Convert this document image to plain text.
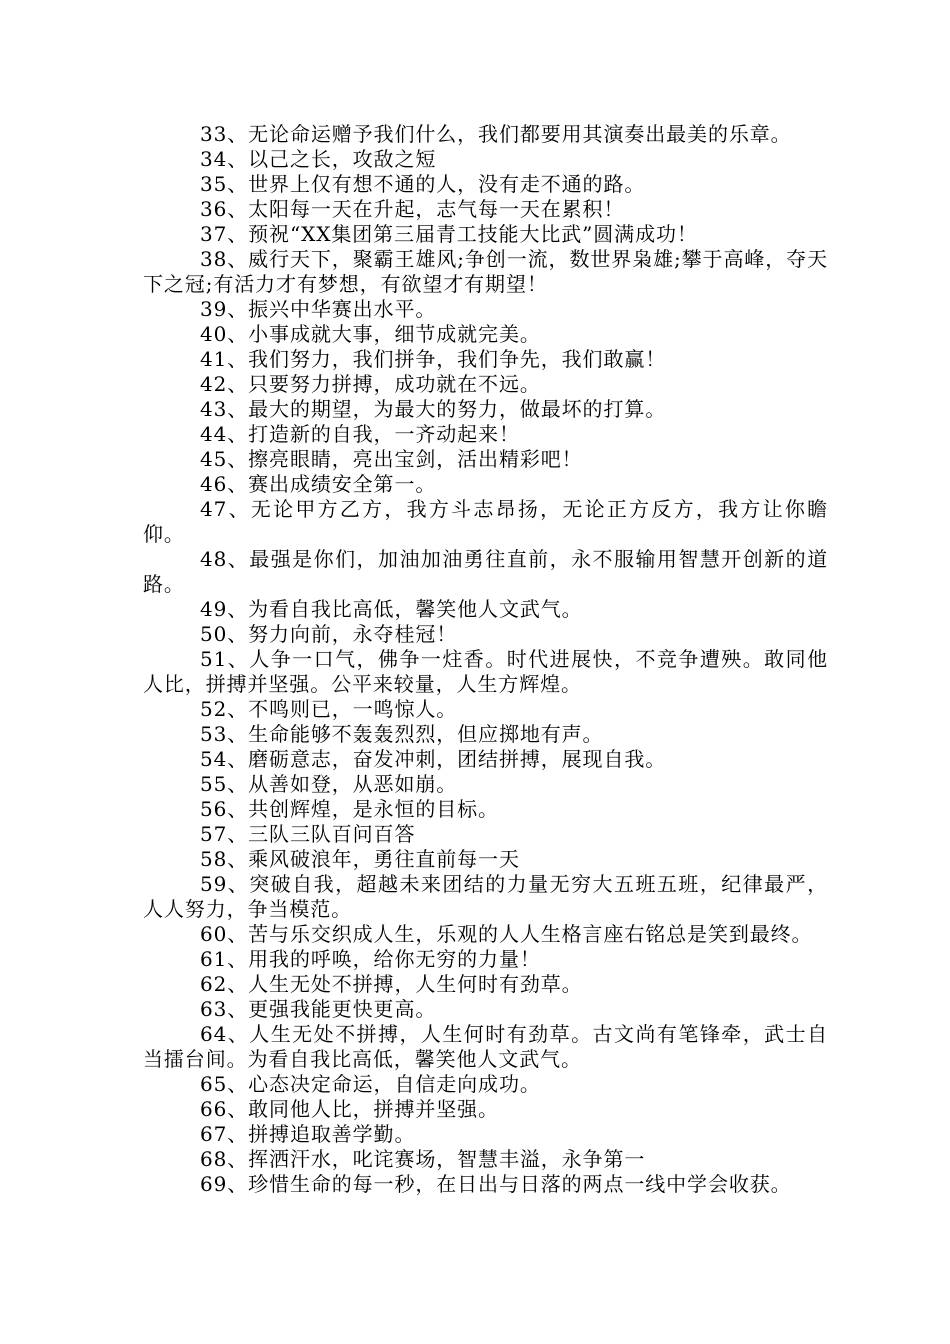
33、无论命运赠予我们什么，我们都要用其演奏出最美的乐章。

34、以己之长，攻敌之短

35、世界上仅有想不通的人，没有走不通的路。

36、太阳每一天在升起，志气每一天在累积！

37、预祝“XX集团第三届青工技能大比武”圆满成功！

38、威行天下，聚霸王雄风;争创一流，数世界枭雄;攀于高峰，夺天下之冠;有活力才有梦想，有欲望才有期望！

39、振兴中华赛出水平。

40、小事成就大事，细节成就完美。

41、我们努力，我们拼争，我们争先，我们敢赢！

42、只要努力拼搏，成功就在不远。

43、最大的期望，为最大的努力，做最坏的打算。

44、打造新的自我，一齐动起来！

45、擦亮眼睛，亮出宝剑，活出精彩吧！

46、赛出成绩安全第一。

47、无论甲方乙方，我方斗志昂扬，无论正方反方，我方让你瞻仰。

48、最强是你们，加油加油勇往直前，永不服输用智慧开创新的道路。

49、为看自我比高低，馨笑他人文武气。

50、努力向前，永夺桂冠！

51、人争一口气，佛争一炷香。时代进展快，不竞争遭殃。敢同他人比，拼搏并坚强。公平来较量，人生方辉煌。

52、不鸣则已，一鸣惊人。

53、生命能够不轰轰烈烈，但应掷地有声。

54、磨砺意志，奋发冲刺，团结拼搏，展现自我。

55、从善如登，从恶如崩。

56、共创辉煌，是永恒的目标。

57、三队三队百问百答

58、乘风破浪年，勇往直前每一天

59、突破自我，超越未来团结的力量无穷大五班五班，纪律最严，人人努力，争当模范。

60、苦与乐交织成人生，乐观的人人生格言座右铭总是笑到最终。

61、用我的呼唤，给你无穷的力量！

62、人生无处不拼搏，人生何时有劲草。

63、更强我能更快更高。

64、人生无处不拼搏，人生何时有劲草。古文尚有笔锋牵，武士自当擂台间。为看自我比高低，馨笑他人文武气。

65、心态决定命运，自信走向成功。

66、敢同他人比，拼搏并坚强。

67、拼搏追取善学勤。

68、挥洒汗水，叱诧赛场，智慧丰溢，永争第一

69、珍惜生命的每一秒，在日出与日落的两点一线中学会收获。
